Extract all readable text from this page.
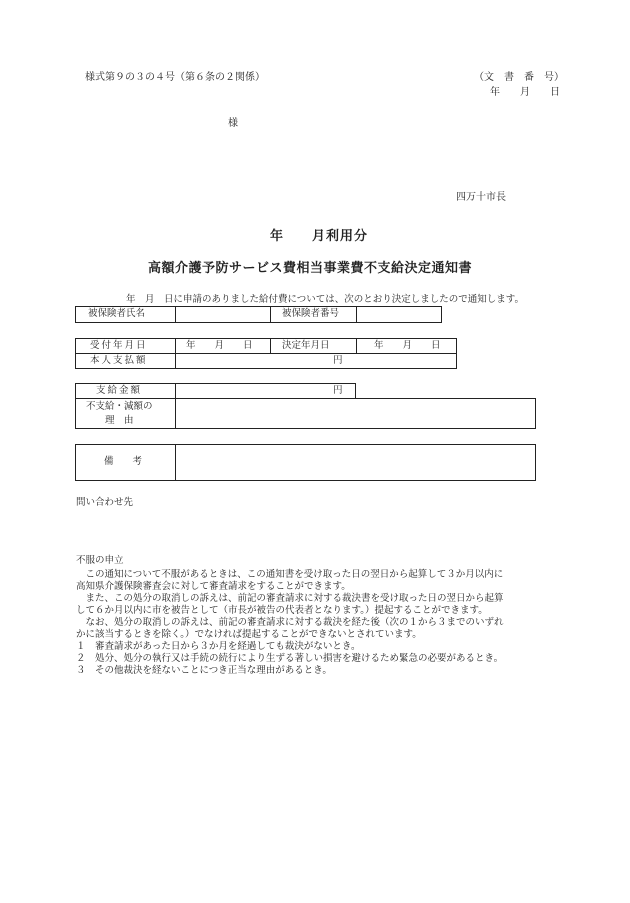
様式第９の３の４号（第６条の２関係）	（文　書　番　号）
年　　月　　日
様
四万十市長
年　　月利用分
高額介護予防サービス費相当事業費不支給決定通知書
年　月　日に申請のありました給付費については、次のとおり決定しましたので通知します。
被保険者氏名	被保険者番号
受付年月日	年　　月　　日	決定年月日	年　　月　　日
本人支払額	円
支給金額	円
不支給・減額の
理　由
備　　考
問い合わせ先
不服の申立
　この通知について不服があるときは、この通知書を受け取った日の翌日から起算して３か月以内に
高知県介護保険審査会に対して審査請求をすることができます。
　また、この処分の取消しの訴えは、前記の審査請求に対する裁決書を受け取った日の翌日から起算
して６か月以内に市を被告として（市長が被告の代表者となります。）提起することができます。
　なお、処分の取消しの訴えは、前記の審査請求に対する裁決を経た後（次の１から３までのいずれ
かに該当するときを除く。）でなければ提起することができないとされています。
１　審査請求があった日から３か月を経過しても裁決がないとき。
２　処分、処分の執行又は手続の続行により生ずる著しい損害を避けるため緊急の必要があるとき。
３　その他裁決を経ないことにつき正当な理由があるとき。
